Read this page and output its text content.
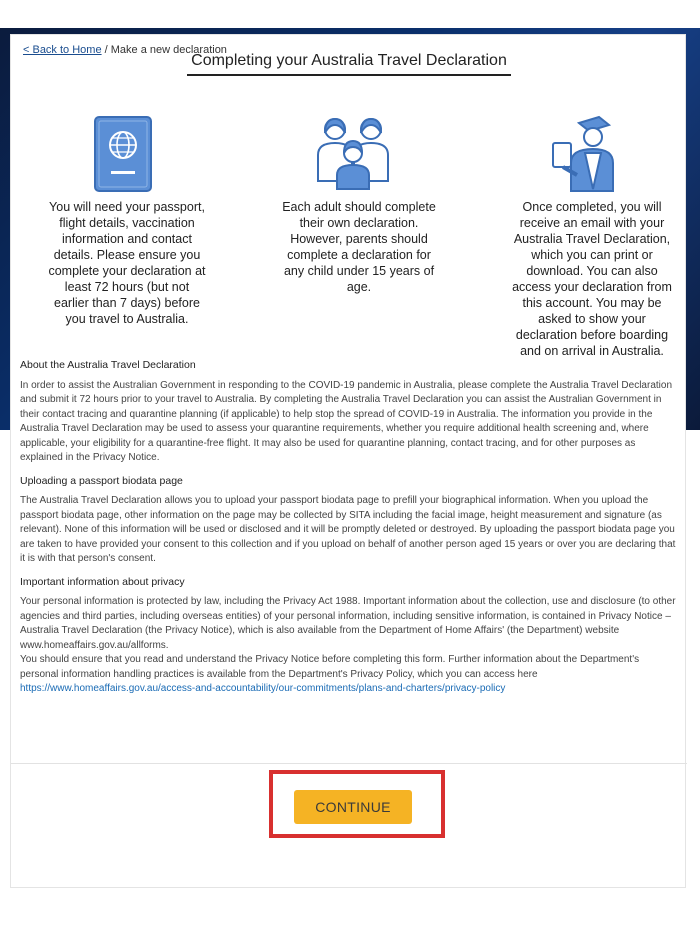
< Back to Home / Make a new declaration
Completing your Australia Travel Declaration
You will need your passport, flight details, vaccination information and contact details. Please ensure you complete your declaration at least 72 hours (but not earlier than 7 days) before you travel to Australia.
Each adult should complete their own declaration. However, parents should complete a declaration for any child under 15 years of age.
Once completed, you will receive an email with your Australia Travel Declaration, which you can print or download. You can also access your declaration from this account. You may be asked to show your declaration before boarding and on arrival in Australia.
About the Australia Travel Declaration
In order to assist the Australian Government in responding to the COVID-19 pandemic in Australia, please complete the Australia Travel Declaration and submit it 72 hours prior to your travel to Australia. By completing the Australia Travel Declaration you can assist the Australian Government in their contact tracing and quarantine planning (if applicable) to help stop the spread of COVID-19 in Australia. The information you provide in the Australia Travel Declaration may be used to assess your quarantine requirements, whether you require additional health screening and, where applicable, your eligibility for a quarantine-free flight. It may also be used for quarantine planning, contact tracing, and for other purposes as explained in the Privacy Notice.
Uploading a passport biodata page
The Australia Travel Declaration allows you to upload your passport biodata page to prefill your biographical information. When you upload the passport biodata page, other information on the page may be collected by SITA including the facial image, height measurement and signature (as relevant). None of this information will be used or disclosed and it will be promptly deleted or destroyed. By uploading the passport biodata page you are taken to have provided your consent to this collection and if you upload on behalf of another person aged 15 years or over you are declaring that it is with that person's consent.
Important information about privacy

Your personal information is protected by law, including the Privacy Act 1988. Important information about the collection, use and disclosure (to other agencies and third parties, including overseas entities) of your personal information, including sensitive information, is contained in Privacy Notice – Australia Travel Declaration (the Privacy Notice), which is also available from the Department of Home Affairs' (the Department) website www.homeaffairs.gov.au/allforms.

You should ensure that you read and understand the Privacy Notice before completing this form. Further information about the Department's personal information handling practices is available from the Department's Privacy Policy, which you can access here

https://www.homeaffairs.gov.au/access-and-accountability/our-commitments/plans-and-charters/privacy-policy
CONTINUE
